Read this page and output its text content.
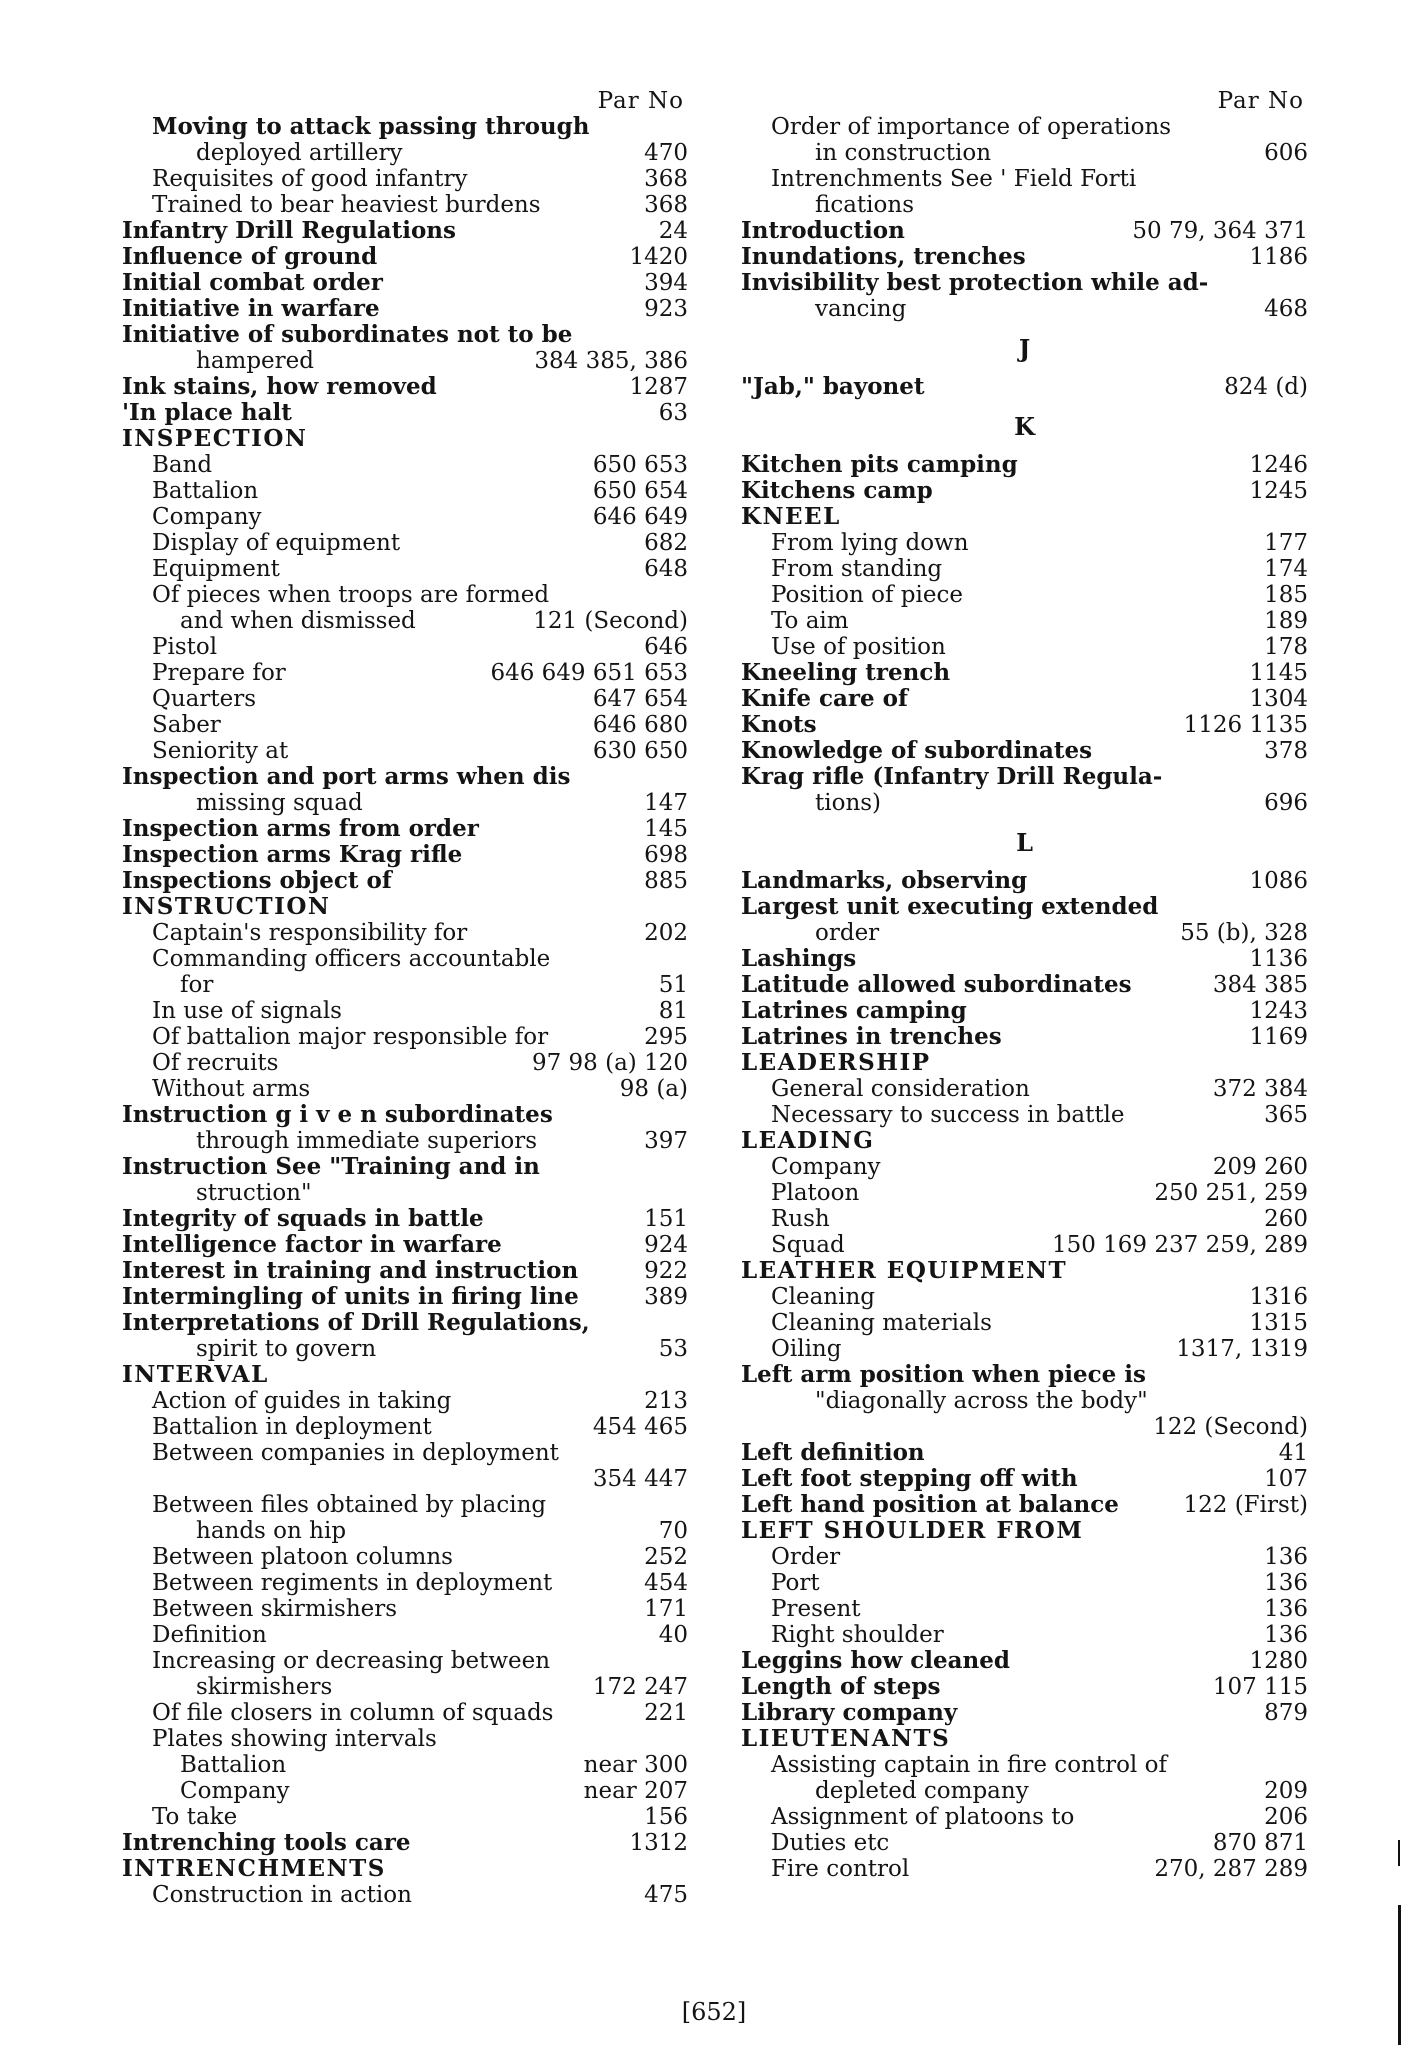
Par No
Moving to attack passing through
deployed artillery	470
Requisites of good infantry	368
Trained to bear heaviest burdens	368
Infantry Drill Regulations	24
Influence of ground	1420
Initial combat order	394
Initiative in warfare	923
Initiative of subordinates not to be
hampered	384 385, 386
Ink stains, how removed	1287
'In place halt	63
INSPECTION
Band	650 653
Battalion	650 654
Company	646 649
Display of equipment	682
Equipment	648
Of pieces when troops are formed
and when dismissed	121 (Second)
Pistol	646
Prepare for	646 649 651 653
Quarters	647 654
Saber	646 680
Seniority at	630 650
Inspection and port arms when dis
missing squad	147
Inspection arms from order	145
Inspection arms Krag rifle	698
Inspections object of	885
INSTRUCTION
Captain's responsibility for	202
Commanding officers accountable
for	51
In use of signals	81
Of battalion major responsible for	295
Of recruits	97 98 (a) 120
Without arms	98 (a)
Instruction g i v e n subordinates
through immediate superiors	397
Instruction See "Training and in
struction"
Integrity of squads in battle	151
Intelligence factor in warfare	924
Interest in training and instruction	922
Intermingling of units in firing line	389
Interpretations of Drill Regulations,
spirit to govern	53
INTERVAL
Action of guides in taking	213
Battalion in deployment	454 465
Between companies in deployment
354 447
Between files obtained by placing
hands on hip	70
Between platoon columns	252
Between regiments in deployment	454
Between skirmishers	171
Definition	40
Increasing or decreasing between
skirmishers	172 247
Of file closers in column of squads	221
Plates showing intervals
Battalion	near 300
Company	near 207
To take	156
Intrenching tools care	1312
INTRENCHMENTS
Construction in action	475
Par No
Order of importance of operations
in construction	606
Intrenchments See ' Field Forti
fications
Introduction	50 79, 364 371
Inundations, trenches	1186
Invisibility best protection while ad-
vancing	468
J
"Jab," bayonet	824 (d)
K
Kitchen pits camping	1246
Kitchens camp	1245
KNEEL
From lying down	177
From standing	174
Position of piece	185
To aim	189
Use of position	178
Kneeling trench	1145
Knife care of	1304
Knots	1126 1135
Knowledge of subordinates	378
Krag rifle (Infantry Drill Regula-
tions)	696
L
Landmarks, observing	1086
Largest unit executing extended
order	55 (b), 328
Lashings	1136
Latitude allowed subordinates	384 385
Latrines camping	1243
Latrines in trenches	1169
LEADERSHIP
General consideration	372 384
Necessary to success in battle	365
LEADING
Company	209 260
Platoon	250 251, 259
Rush	260
Squad	150 169 237 259, 289
LEATHER EQUIPMENT
Cleaning	1316
Cleaning materials	1315
Oiling	1317, 1319
Left arm position when piece is
"diagonally across the body"
122 (Second)
Left definition	41
Left foot stepping off with	107
Left hand position at balance	122 (First)
LEFT SHOULDER FROM
Order	136
Port	136
Present	136
Right shoulder	136
Leggins how cleaned	1280
Length of steps	107 115
Library company	879
LIEUTENANTS
Assisting captain in fire control of
depleted company	209
Assignment of platoons to	206
Duties etc	870 871
Fire control	270, 287 289
[652]
